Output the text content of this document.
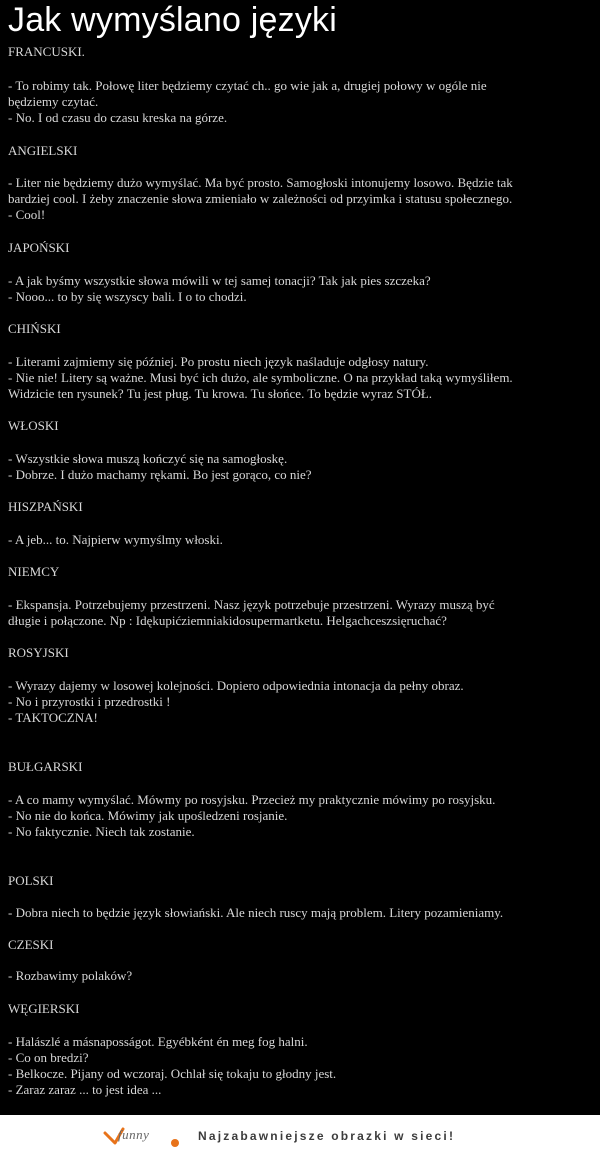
Jak wymyślano języki

FRANCUSKI.

- To robimy tak. Połowę liter będziemy czytać ch.. go wie jak a, drugiej połowy w ogóle nie
będziemy czytać.
- No. I od czasu do czasu kreska na górze.

ANGIELSKI

- Liter nie będziemy dużo wymyślać. Ma być prosto. Samogłoski intonujemy losowo. Będzie tak
bardziej cool. I żeby znaczenie słowa zmieniało w zależności od przyimka i statusu społecznego.
- Cool!

JAPOŃSKI

- A jak byśmy wszystkie słowa mówili w tej samej tonacji? Tak jak pies szczeka?
- Nooo... to by się wszyscy bali. I o to chodzi.

CHIŃSKI

- Literami zajmiemy się później. Po prostu niech język naśladuje odgłosy natury.
- Nie nie! Litery są ważne. Musi być ich dużo, ale symboliczne. O na przykład taką wymyśliłem.
Widzicie ten rysunek? Tu jest pług. Tu krowa. Tu słońce. To będzie wyraz STÓŁ.

WŁOSKI

- Wszystkie słowa muszą kończyć się na samogłoskę.
- Dobrze. I dużo machamy rękami. Bo jest gorąco, co nie?

HISZPAŃSKI

- A jeb... to. Najpierw wymyślmy włoski.

NIEMCY

- Ekspansja. Potrzebujemy przestrzeni. Nasz język potrzebuje przestrzeni. Wyrazy muszą być
długie i połączone. Np : Idękupićziemniakidosupermartketu. Helgachceszsięruchać?

ROSYJSKI

- Wyrazy dajemy w losowej kolejności. Dopiero odpowiednia intonacja da pełny obraz.
- No i przyrostki i przedrostki !
- TAKTOCZNA!

BUŁGARSKI

- A co mamy wymyślać. Mówmy po rosyjsku. Przecież my praktycznie mówimy po rosyjsku.
- No nie do końca. Mówimy jak upośledzeni rosjanie.
- No faktycznie. Niech tak zostanie.

POLSKI

- Dobra niech to będzie język słowiański. Ale niech ruscy mają problem. Litery pozamieniamy.

CZESKI

- Rozbawimy polaków?

WĘGIERSKI

- Halászlé a másnaposságot. Egyébként én meg fog halni.
- Co on bredzi?
- Belkocze. Pijany od wczoraj. Ochlał się tokaju to głodny jest.
- Zaraz zaraz ... to jest idea ...
funny	Najzabawniejsze obrazki w sieci!
